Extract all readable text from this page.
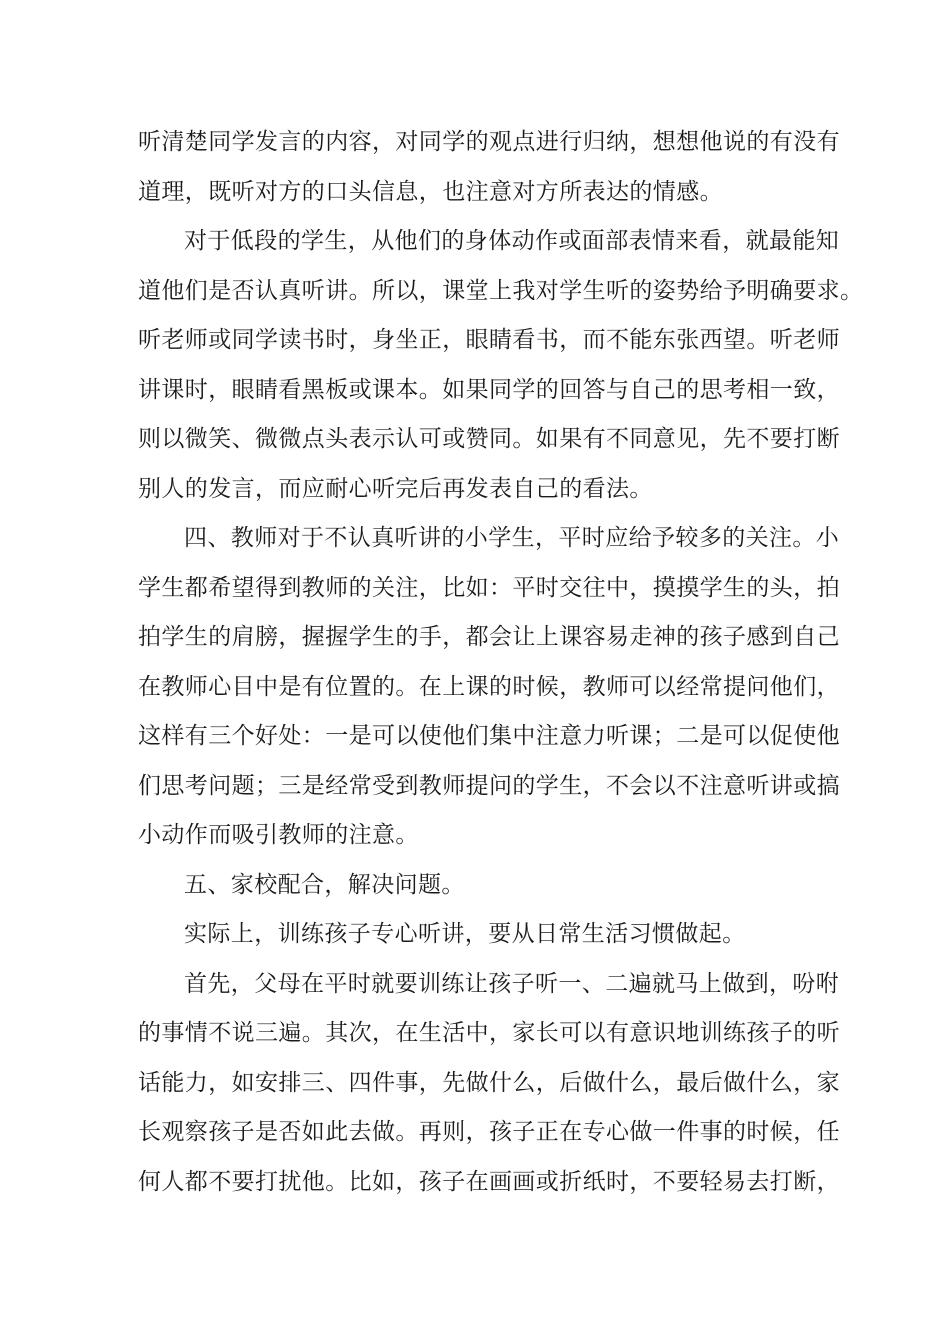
听清楚同学发言的内容，对同学的观点进行归纳，想想他说的有没有
道理，既听对方的口头信息，也注意对方所表达的情感。
对于低段的学生，从他们的身体动作或面部表情来看，就最能知
道他们是否认真听讲。所以，课堂上我对学生听的姿势给予明确要求。
听老师或同学读书时，身坐正，眼睛看书，而不能东张西望。听老师
讲课时，眼睛看黑板或课本。如果同学的回答与自己的思考相一致，
则以微笑、微微点头表示认可或赞同。如果有不同意见，先不要打断
别人的发言，而应耐心听完后再发表自己的看法。
四、教师对于不认真听讲的小学生，平时应给予较多的关注。小
学生都希望得到教师的关注，比如：平时交往中，摸摸学生的头，拍
拍学生的肩膀，握握学生的手，都会让上课容易走神的孩子感到自己
在教师心目中是有位置的。在上课的时候，教师可以经常提问他们，
这样有三个好处：一是可以使他们集中注意力听课；二是可以促使他
们思考问题；三是经常受到教师提问的学生，不会以不注意听讲或搞
小动作而吸引教师的注意。
五、家校配合，解决问题。
实际上，训练孩子专心听讲，要从日常生活习惯做起。
首先，父母在平时就要训练让孩子听一、二遍就马上做到，吩咐
的事情不说三遍。其次，在生活中，家长可以有意识地训练孩子的听
话能力，如安排三、四件事，先做什么，后做什么，最后做什么，家
长观察孩子是否如此去做。再则，孩子正在专心做一件事的时候，任
何人都不要打扰他。比如，孩子在画画或折纸时，不要轻易去打断，
